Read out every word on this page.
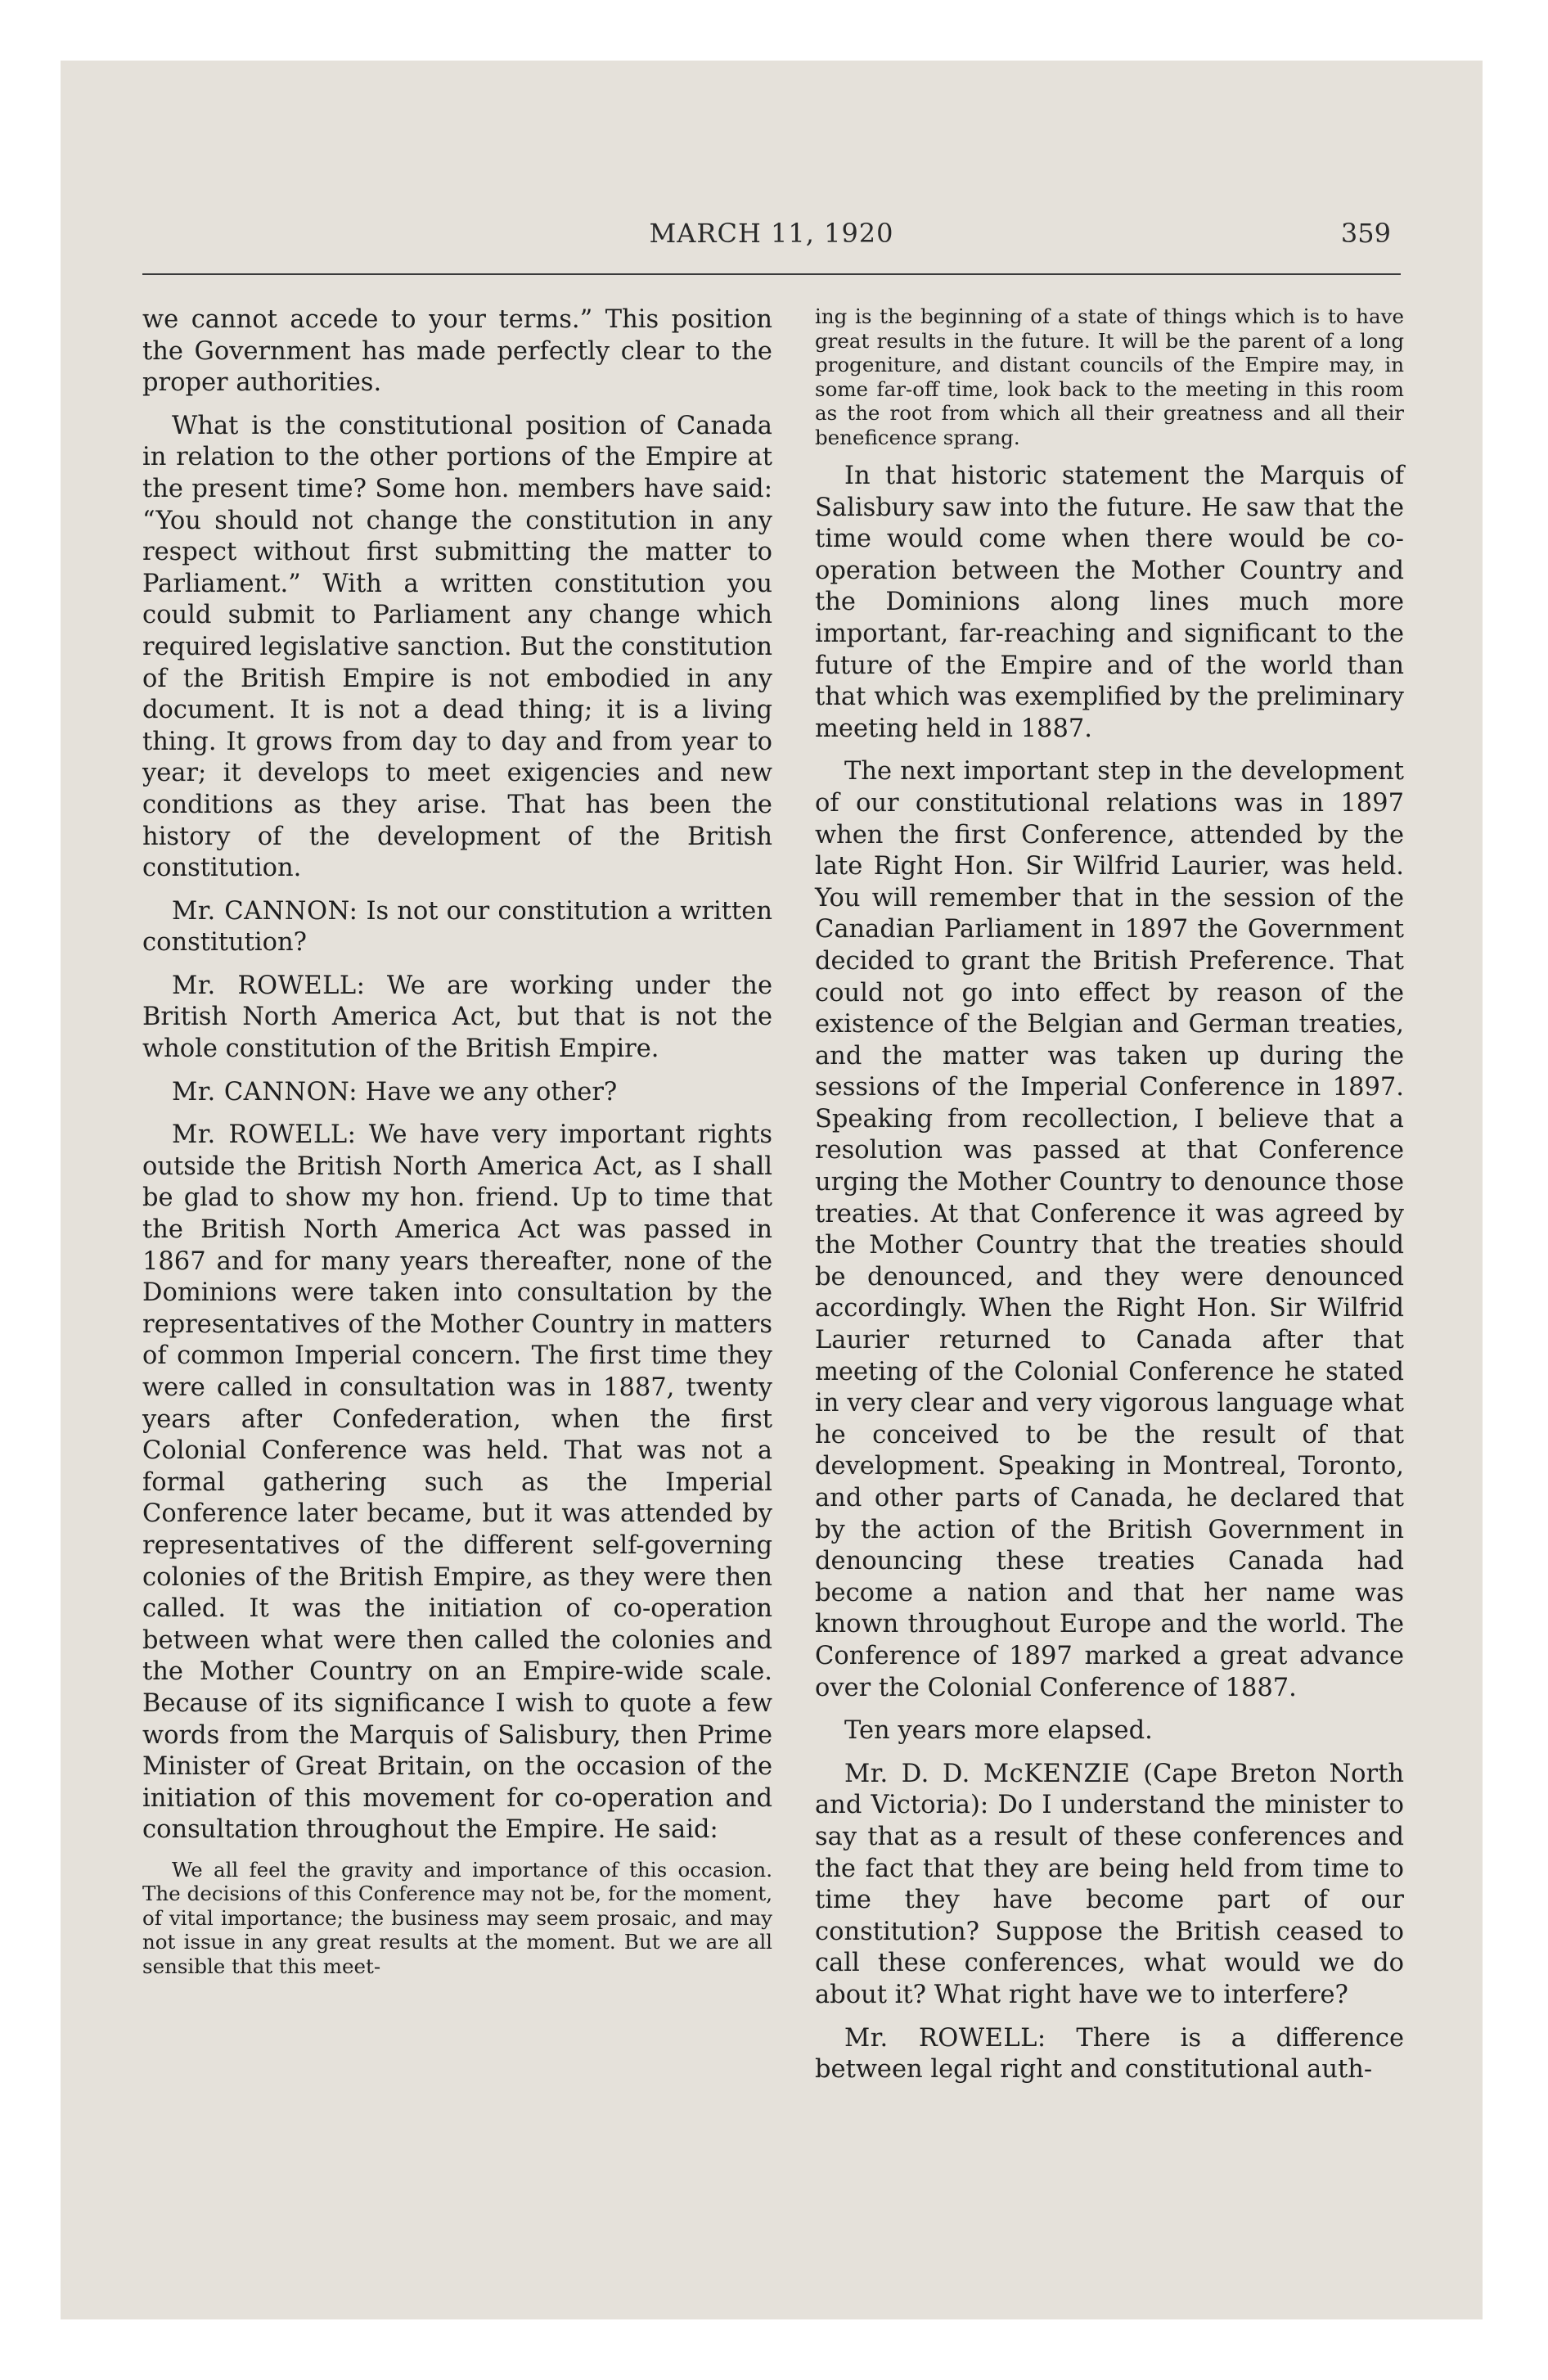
MARCH 11, 1920	359

we cannot accede to your terms.” This position the Government has made perfectly clear to the proper authorities.

What is the constitutional position of Canada in relation to the other portions of the Empire at the present time? Some hon. members have said: “You should not change the constitution in any respect without first submitting the matter to Parliament.” With a written constitution you could submit to Parliament any change which required legislative sanction. But the constitution of the British Empire is not embodied in any document. It is not a dead thing; it is a living thing. It grows from day to day and from year to year; it develops to meet exigencies and new conditions as they arise. That has been the history of the development of the British constitution.

Mr. CANNON: Is not our constitution a written constitution?

Mr. ROWELL: We are working under the British North America Act, but that is not the whole constitution of the British Empire.

Mr. CANNON: Have we any other?

Mr. ROWELL: We have very important rights outside the British North America Act, as I shall be glad to show my hon. friend. Up to time that the British North America Act was passed in 1867 and for many years thereafter, none of the Dominions were taken into consultation by the representatives of the Mother Country in matters of common Imperial concern. The first time they were called in consultation was in 1887, twenty years after Confederation, when the first Colonial Conference was held. That was not a formal gathering such as the Imperial Conference later became, but it was attended by representatives of the different self-governing colonies of the British Empire, as they were then called. It was the initiation of co-operation between what were then called the colonies and the Mother Country on an Empire-wide scale. Because of its significance I wish to quote a few words from the Marquis of Salisbury, then Prime Minister of Great Britain, on the occasion of the initiation of this movement for co-operation and consultation throughout the Empire. He said:

We all feel the gravity and importance of this occasion. The decisions of this Conference may not be, for the moment, of vital importance; the business may seem prosaic, and may not issue in any great results at the moment. But we are all sensible that this meet-

ing is the beginning of a state of things which is to have great results in the future. It will be the parent of a long progeniture, and distant councils of the Empire may, in some far-off time, look back to the meeting in this room as the root from which all their greatness and all their beneficence sprang.

In that historic statement the Marquis of Salisbury saw into the future. He saw that the time would come when there would be co-operation between the Mother Country and the Dominions along lines much more important, far-reaching and significant to the future of the Empire and of the world than that which was exemplified by the preliminary meeting held in 1887.

The next important step in the development of our constitutional relations was in 1897 when the first Conference, attended by the late Right Hon. Sir Wilfrid Laurier, was held. You will remember that in the session of the Canadian Parliament in 1897 the Government decided to grant the British Preference. That could not go into effect by reason of the existence of the Belgian and German treaties, and the matter was taken up during the sessions of the Imperial Conference in 1897. Speaking from recollection, I believe that a resolution was passed at that Conference urging the Mother Country to denounce those treaties. At that Conference it was agreed by the Mother Country that the treaties should be denounced, and they were denounced accordingly. When the Right Hon. Sir Wilfrid Laurier returned to Canada after that meeting of the Colonial Conference he stated in very clear and very vigorous language what he conceived to be the result of that development. Speaking in Montreal, Toronto, and other parts of Canada, he declared that by the action of the British Government in denouncing these treaties Canada had become a nation and that her name was known throughout Europe and the world. The Conference of 1897 marked a great advance over the Colonial Conference of 1887.

Ten years more elapsed.

Mr. D. D. McKENZIE (Cape Breton North and Victoria): Do I understand the minister to say that as a result of these conferences and the fact that they are being held from time to time they have become part of our constitution? Suppose the British ceased to call these conferences, what would we do about it? What right have we to interfere?

Mr. ROWELL: There is a difference between legal right and constitutional auth-
